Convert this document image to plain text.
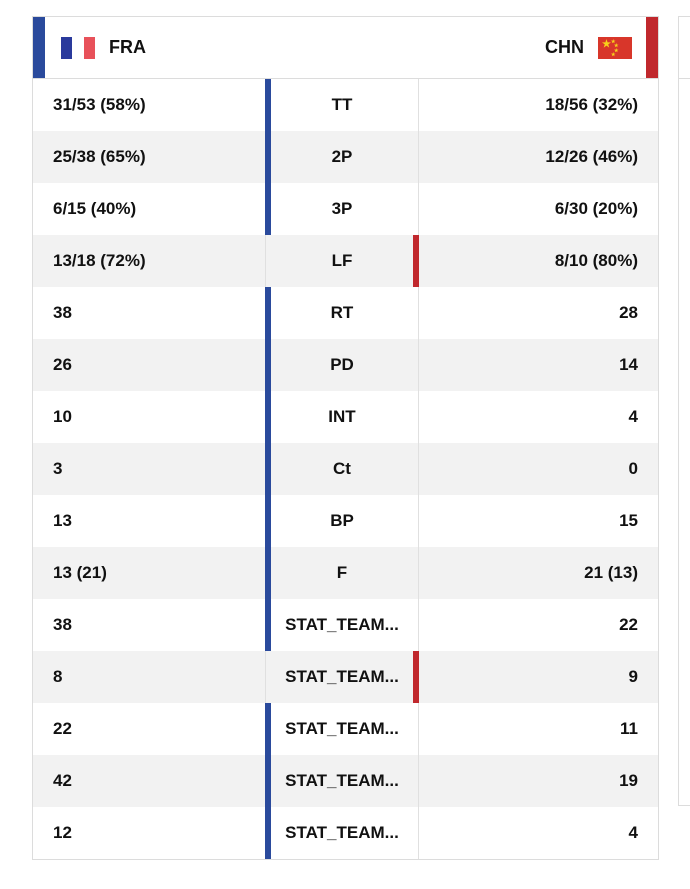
FRA	CHN ★ ★
★
★
★
31/53 (58%)	TT	18/56 (32%)
25/38 (65%)	2P	12/26 (46%)
6/15 (40%)	3P	6/30 (20%)
13/18 (72%)	LF	8/10 (80%)
38	RT	28
26	PD	14
10	INT	4
3	Ct	0
13	BP	15
13 (21)	F	21 (13)
38	STAT_TEAM...	22
8	STAT_TEAM...	9
22	STAT_TEAM...	11
42	STAT_TEAM...	19
12	STAT_TEAM...	4
